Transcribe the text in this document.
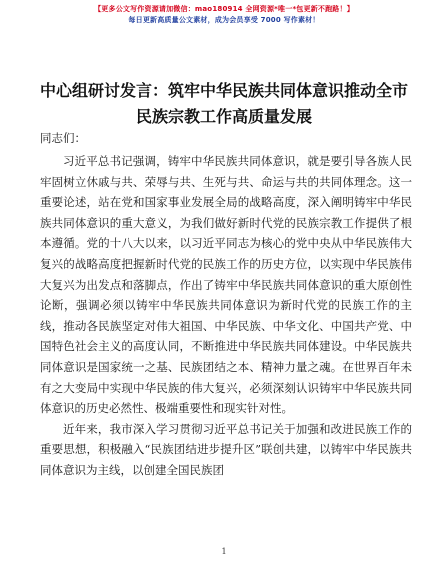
【更多公文写作资源请加微信：mao180914 全网资源*唯一*包更新不跑路！】
每日更新高质量公文素材，成为会员享受 7000 写作素材！
中心组研讨发言：筑牢中华民族共同体意识推动全市民族宗教工作高质量发展
同志们：

习近平总书记强调，铸牢中华民族共同体意识，就是要引导各族人民牢固树立休戚与共、荣辱与共、生死与共、命运与共的共同体理念。这一重要论述，站在党和国家事业发展全局的战略高度，深入阐明铸牢中华民族共同体意识的重大意义，为我们做好新时代党的民族宗教工作提供了根本遵循。党的十八大以来，以习近平同志为核心的党中央从中华民族伟大复兴的战略高度把握新时代党的民族工作的历史方位，以实现中华民族伟大复兴为出发点和落脚点，作出了铸牢中华民族共同体意识的重大原创性论断，强调必须以铸牢中华民族共同体意识为新时代党的民族工作的主线，推动各民族坚定对伟大祖国、中华民族、中华文化、中国共产党、中国特色社会主义的高度认同，不断推进中华民族共同体建设。中华民族共同体意识是国家统一之基、民族团结之本、精神力量之魂。在世界百年未有之大变局中实现中华民族的伟大复兴，必须深刻认识铸牢中华民族共同体意识的历史必然性、极端重要性和现实针对性。

近年来，我市深入学习贯彻习近平总书记关于加强和改进民族工作的重要思想，积极融入“民族团结进步提升区”联创共建，以铸牢中华民族共同体意识为主线，以创建全国民族团

1
